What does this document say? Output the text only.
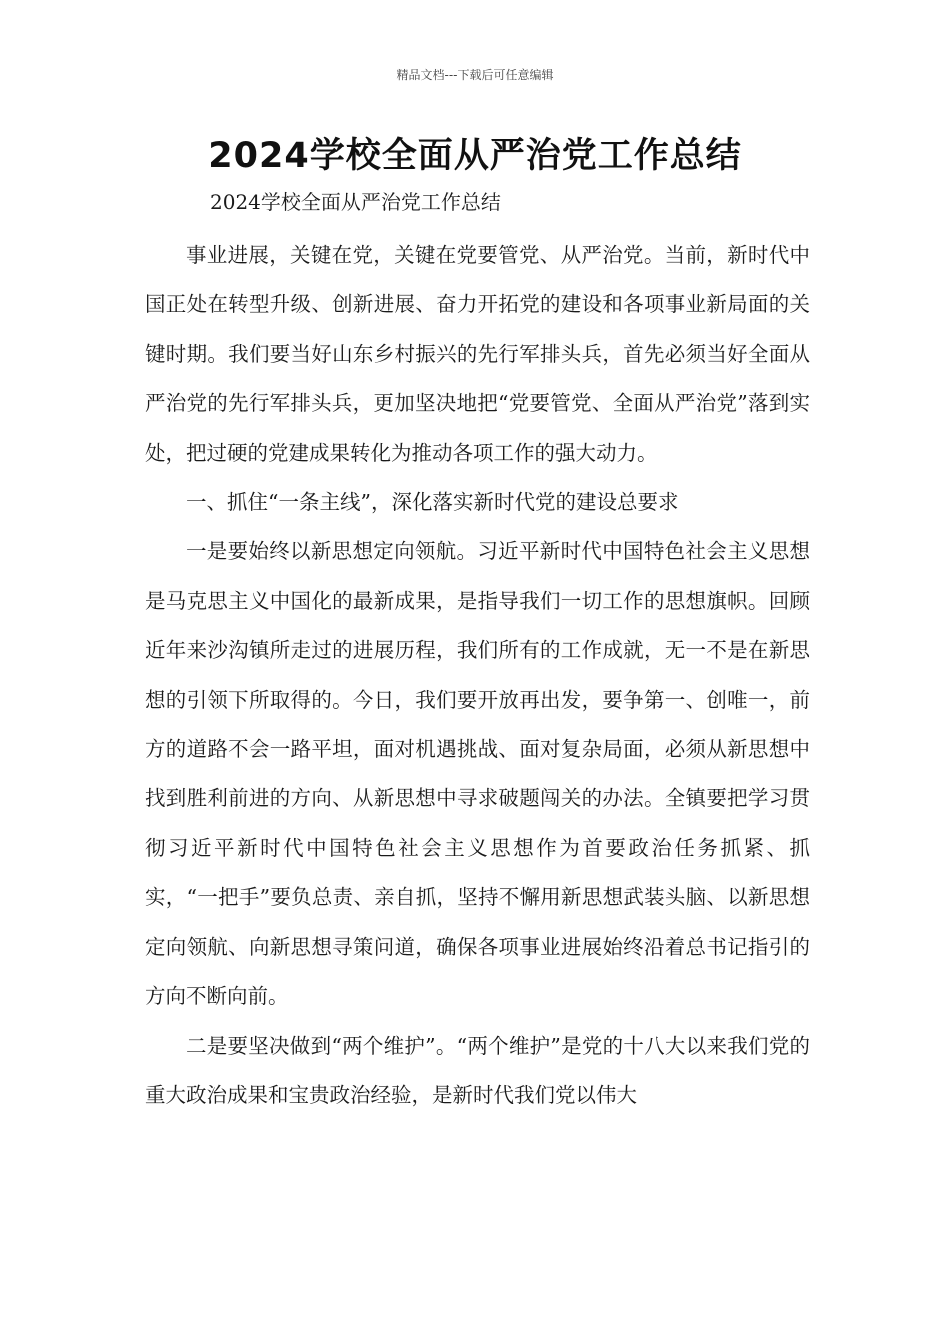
精品文档---下载后可任意编辑
2024学校全面从严治党工作总结
2024学校全面从严治党工作总结

事业进展，关键在党，关键在党要管党、从严治党。当前，新时代中国正处在转型升级、创新进展、奋力开拓党的建设和各项事业新局面的关键时期。我们要当好山东乡村振兴的先行军排头兵，首先必须当好全面从严治党的先行军排头兵，更加坚决地把“党要管党、全面从严治党”落到实处，把过硬的党建成果转化为推动各项工作的强大动力。

一、抓住“一条主线”，深化落实新时代党的建设总要求

一是要始终以新思想定向领航。习近平新时代中国特色社会主义思想是马克思主义中国化的最新成果，是指导我们一切工作的思想旗帜。回顾近年来沙沟镇所走过的进展历程，我们所有的工作成就，无一不是在新思想的引领下所取得的。今日，我们要开放再出发，要争第一、创唯一，前方的道路不会一路平坦，面对机遇挑战、面对复杂局面，必须从新思想中找到胜利前进的方向、从新思想中寻求破题闯关的办法。全镇要把学习贯彻习近平新时代中国特色社会主义思想作为首要政治任务抓紧、抓实，“一把手”要负总责、亲自抓，坚持不懈用新思想武装头脑、以新思想定向领航、向新思想寻策问道，确保各项事业进展始终沿着总书记指引的方向不断向前。

二是要坚决做到“两个维护”。“两个维护”是党的十八大以来我们党的重大政治成果和宝贵政治经验，是新时代我们党以伟大
